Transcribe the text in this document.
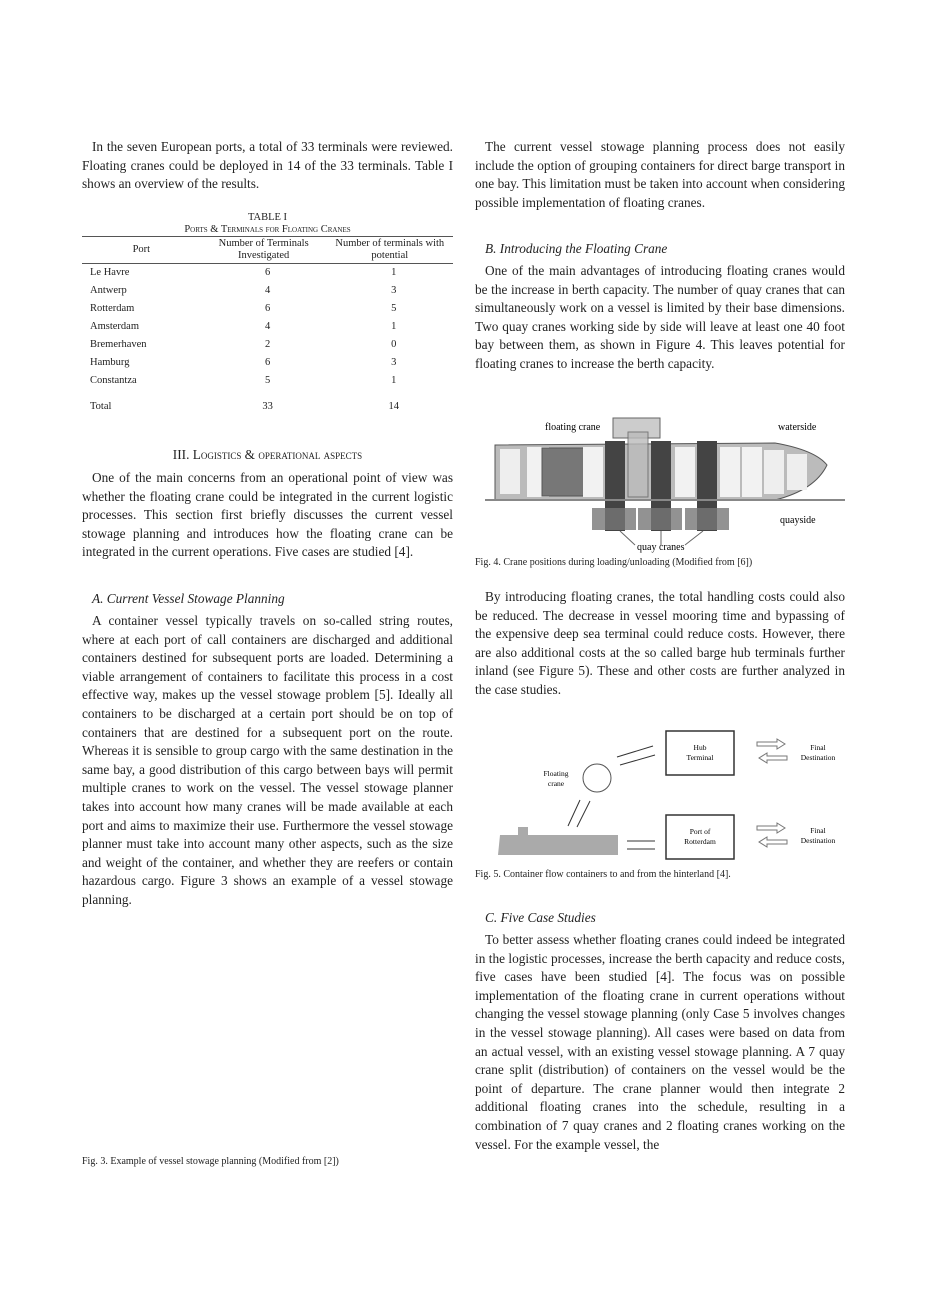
In the seven European ports, a total of 33 terminals were reviewed. Floating cranes could be deployed in 14 of the 33 terminals. Table I shows an overview of the results.

TABLE I
Ports & Terminals for Floating Cranes
Port	Number of Terminals Investigated	Number of terminals with potential
Le Havre	6	1
Antwerp	4	3
Rotterdam	6	5
Amsterdam	4	1
Bremerhaven	2	0
Hamburg	6	3
Constantza	5	1

Total	33	14
III. Logistics & operational aspects

One of the main concerns from an operational point of view was whether the floating crane could be integrated in the current logistic processes. This section first briefly discusses the current vessel stowage planning and introduces how the floating crane can be integrated in the current operations. Five cases are studied [4].

A. Current Vessel Stowage Planning

A container vessel typically travels on so-called string routes, where at each port of call containers are discharged and additional containers destined for subsequent ports are loaded. Determining a viable arrangement of containers to facilitate this process in a cost effective way, makes up the vessel stowage problem [5]. Ideally all containers to be discharged at a certain port should be on top of containers that are destined for a subsequent port on the route. Whereas it is sensible to group cargo with the same destination in the same bay, a good distribution of this cargo between bays will permit multiple cranes to work on the vessel. The vessel stowage planner takes into account how many cranes will be made available at each port and aims to maximize their use. Furthermore the vessel stowage planner must take into account many other aspects, such as the size and weight of the container, and whether they are reefers or contain hazardous cargo. Figure 3 shows an example of a vessel stowage planning.

Fig. 3. Example of vessel stowage planning (Modified from [2])

The current vessel stowage planning process does not easily include the option of grouping containers for direct barge transport in one bay. This limitation must be taken into account when considering possible implementation of floating cranes.

B. Introducing the Floating Crane

One of the main advantages of introducing floating cranes would be the increase in berth capacity. The number of quay cranes that can simultaneously work on a vessel is limited by their base dimensions. Two quay cranes working side by side will leave at least one 40 foot bay between them, as shown in Figure 4. This leaves potential for floating cranes to increase the berth capacity.

floating crane	waterside
quayside
quay cranes
Fig. 4. Crane positions during loading/unloading (Modified from [6])

By introducing floating cranes, the total handling costs could also be reduced. The decrease in vessel mooring time and bypassing of the expensive deep sea terminal could reduce costs. However, there are also additional costs at the so called barge hub terminals further inland (see Figure 5). These and other costs are further analyzed in the case studies.

Hub
Terminal
Port of
Rotterdam
Floating
crane
Final
Destination
Final
Destination
Fig. 5. Container flow containers to and from the hinterland [4].
C. Five Case Studies

To better assess whether floating cranes could indeed be integrated in the logistic processes, increase the berth capacity and reduce costs, five cases have been studied [4]. The focus was on possible implementation of the floating crane in current operations without changing the vessel stowage planning (only Case 5 involves changes in the vessel stowage planning). All cases were based on data from an actual vessel, with an existing vessel stowage planning. A 7 quay crane split (distribution) of containers on the vessel would be the point of departure. The crane planner would then integrate 2 additional floating cranes into the schedule, resulting in a combination of 7 quay cranes and 2 floating cranes working on the vessel. For the example vessel, the
